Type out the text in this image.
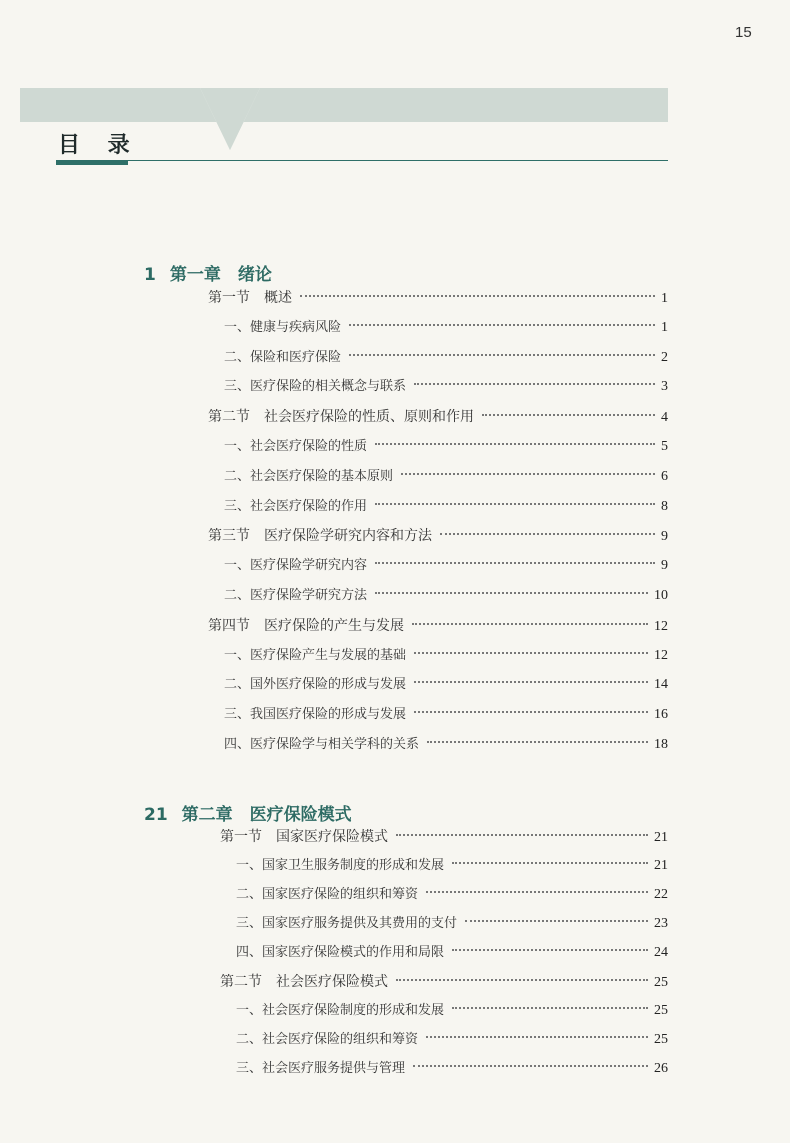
15
目 录
1 第一章　绪论
第一节　概述	1
一、健康与疾病风险	1
二、保险和医疗保险	2
三、医疗保险的相关概念与联系	3
第二节　社会医疗保险的性质、原则和作用	4
一、社会医疗保险的性质	5
二、社会医疗保险的基本原则	6
三、社会医疗保险的作用	8
第三节　医疗保险学研究内容和方法	9
一、医疗保险学研究内容	9
二、医疗保险学研究方法	10
第四节　医疗保险的产生与发展	12
一、医疗保险产生与发展的基础	12
二、国外医疗保险的形成与发展	14
三、我国医疗保险的形成与发展	16
四、医疗保险学与相关学科的关系	18
21 第二章　医疗保险模式
第一节　国家医疗保险模式	21
一、国家卫生服务制度的形成和发展	21
二、国家医疗保险的组织和筹资	22
三、国家医疗服务提供及其费用的支付	23
四、国家医疗保险模式的作用和局限	24
第二节　社会医疗保险模式	25
一、社会医疗保险制度的形成和发展	25
二、社会医疗保险的组织和筹资	25
三、社会医疗服务提供与管理	26
